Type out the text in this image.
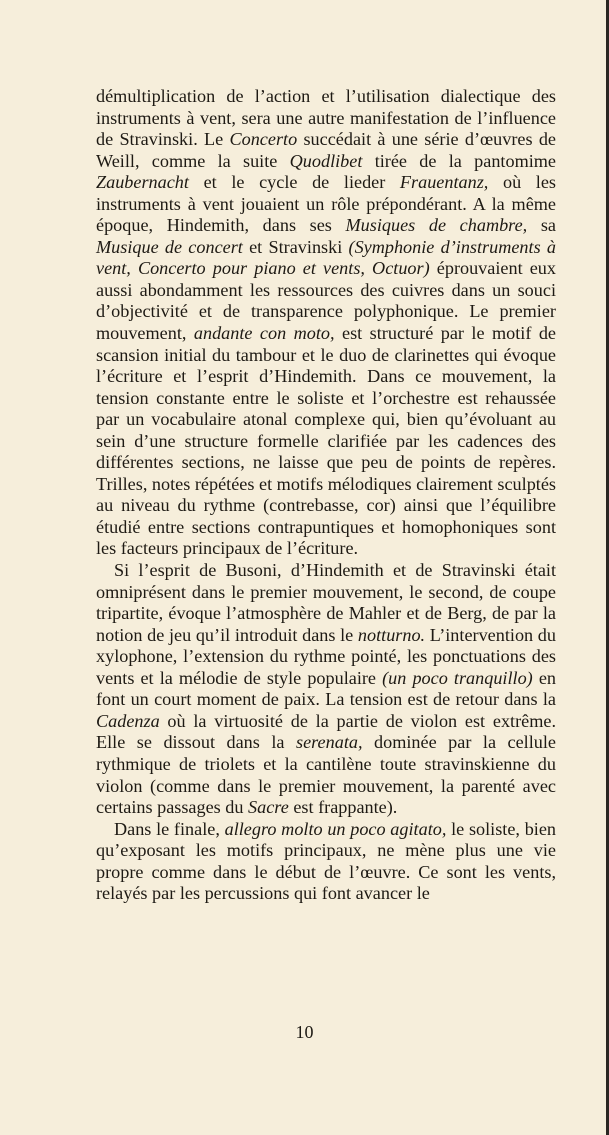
démultiplication de l’action et l’utilisation dialectique des instruments à vent, sera une autre manifestation de l’influence de Stravinski. Le Concerto succédait à une série d’œuvres de Weill, comme la suite Quodlibet tirée de la pantomime Zaubernacht et le cycle de lieder Frauentanz, où les instruments à vent jouaient un rôle prépondérant. A la même époque, Hindemith, dans ses Musiques de chambre, sa Musique de concert et Stravinski (Symphonie d’instruments à vent, Concerto pour piano et vents, Octuor) éprouvaient eux aussi abondamment les ressources des cuivres dans un souci d’objectivité et de transparence polyphonique. Le premier mouvement, andante con moto, est structuré par le motif de scansion initial du tambour et le duo de clarinettes qui évoque l’écriture et l’esprit d’Hindemith. Dans ce mouvement, la tension constante entre le soliste et l’orchestre est rehaussée par un vocabulaire atonal complexe qui, bien qu’évoluant au sein d’une structure formelle clarifiée par les cadences des différentes sections, ne laisse que peu de points de repères. Trilles, notes répétées et motifs mélodiques clairement sculptés au niveau du rythme (contrebasse, cor) ainsi que l’équilibre étudié entre sections contrapuntiques et homophoniques sont les facteurs principaux de l’écriture.

Si l’esprit de Busoni, d’Hindemith et de Stravinski était omniprésent dans le premier mouvement, le second, de coupe tripartite, évoque l’atmosphère de Mahler et de Berg, de par la notion de jeu qu’il introduit dans le notturno. L’intervention du xylophone, l’extension du rythme pointé, les ponctuations des vents et la mélodie de style populaire (un poco tranquillo) en font un court moment de paix. La tension est de retour dans la Cadenza où la virtuosité de la partie de violon est extrême. Elle se dissout dans la serenata, dominée par la cellule rythmique de triolets et la cantilène toute stravinskienne du violon (comme dans le premier mouvement, la parenté avec certains passages du Sacre est frappante).

Dans le finale, allegro molto un poco agitato, le soliste, bien qu’exposant les motifs principaux, ne mène plus une vie propre comme dans le début de l’œuvre. Ce sont les vents, relayés par les percussions qui font avancer le

10
